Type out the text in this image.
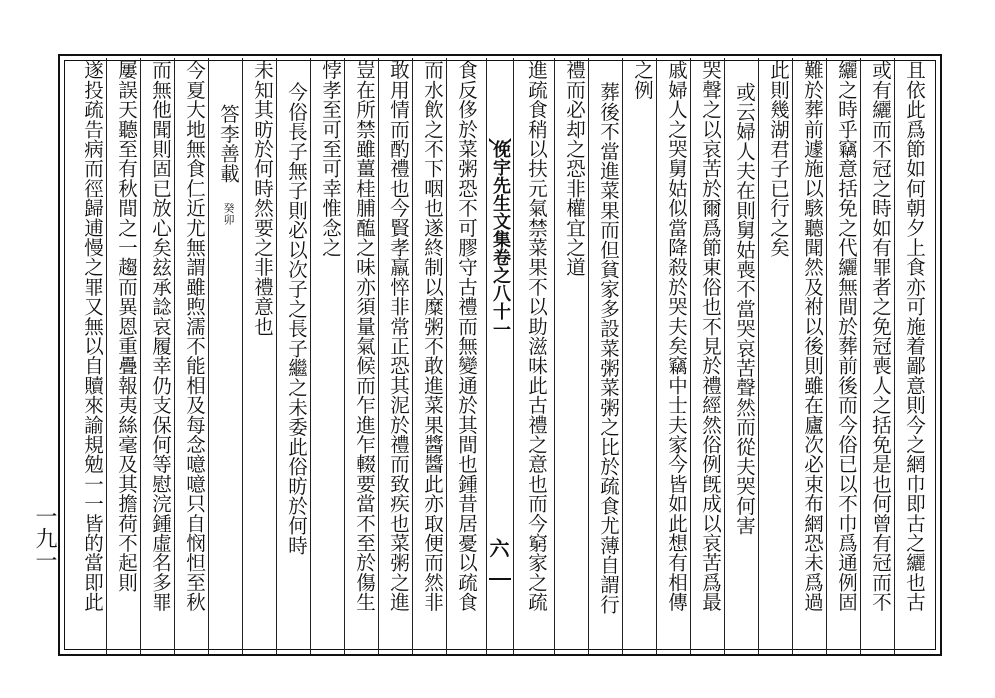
且依此爲節如何朝夕上食亦可施着鄙意則今之網巾即古之纚也古
或有纚而不冠之時如有罪者之免冠喪人之括免是也何曾有冠而不
纚之時乎竊意括免之代纚無間於葬前後而今俗已以不巾爲通例固
難於葬前遽施以駭聽聞然及祔以後則雖在廬次必束布網恐未爲過
此則幾湖君子已行之矣
或云婦人夫在則舅姑喪不當哭哀苦聲然而從夫哭何害
哭聲之以哀苦於爾爲節東俗也不見於禮經然俗例旣成以哀苦爲最
戚婦人之哭舅姑似當降殺於哭夫矣竊中士夫家今皆如此想有相傳
之例
葬後不當進菜果而但貧家多設菜粥菜粥之比於疏食尤薄自謂行
禮而必却之恐非權宜之道
進疏食稍以扶元氣禁菜果不以助滋味此古禮之意也而今窮家之疏
俛宇先生文集卷之八十一
六
食反侈於菜粥恐不可膠守古禮而無變通於其間也鍾昔居憂以疏食
而水飲之不下咽也遂終制以糜粥不敢進菜果醬醬此亦取便而然非
敢用情而酌禮也今賢孝羸悴非常正恐其泥於禮而致疾也菜粥之進
豈在所禁雖薑桂脯醢之味亦須量氣候而乍進乍輟要當不至於傷生
悖孝至可至可幸惟念之
今俗長子無子則必以次子之長子繼之未委此俗昉於何時
未知其昉於何時然要之非禮意也
答李善載　癸卯
今夏大地無食仁近尤無謂雖煦濡不能相及每念噫噫只自悯怛至秋
而無他聞則固已放心矣玆承諗哀履幸仍支保何等慰浣鍾虛名多罪
屢誤天聽至有秋間之一趨而異恩重疊報夷絲毫及其擔荷不起則
遂投疏告病而徑歸逋慢之罪又無以自贖來諭規勉一一皆的當即此
一九一
